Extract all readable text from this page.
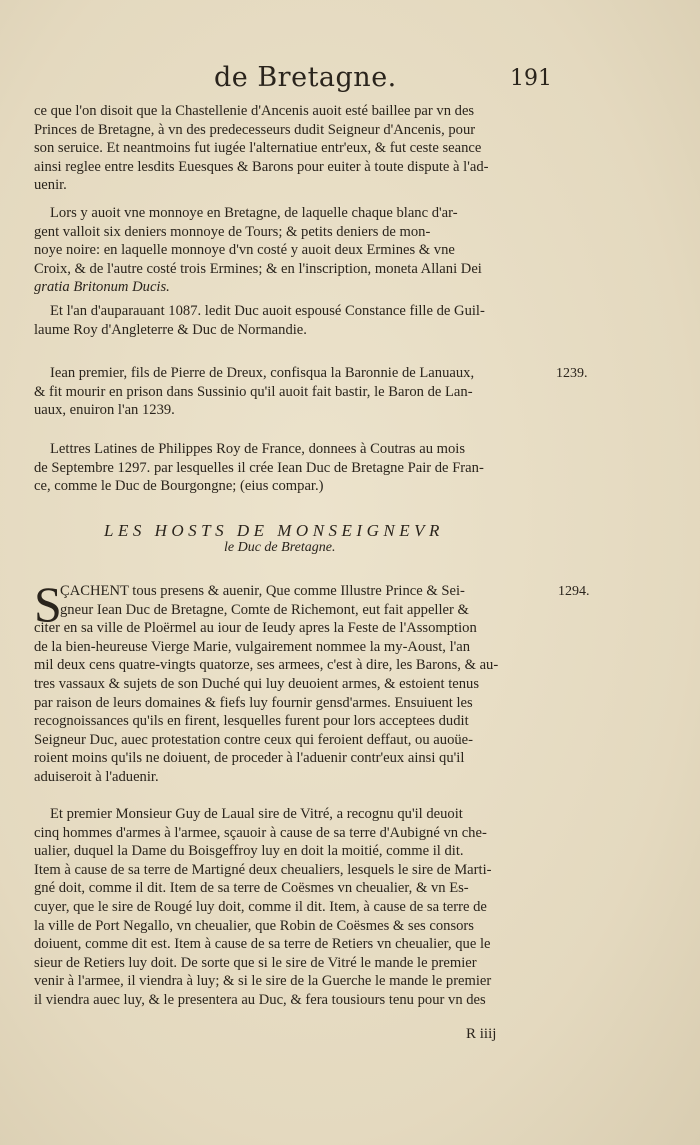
de Bretagne.	191
ce que l'on disoit que la Chastellenie d'Ancenis auoit esté baillee par vn des
Princes de Bretagne, à vn des predecesseurs dudit Seigneur d'Ancenis, pour
son seruice. Et neantmoins fut iugée l'alternatiue entr'eux, & fut ceste seance
ainsi reglee entre lesdits Euesques & Barons pour euiter à toute dispute à l'ad-
uenir.
Lors y auoit vne monnoye en Bretagne, de laquelle chaque blanc d'ar-
gent valloit six deniers monnoye de Tours; & petits deniers de mon-
noye noire: en laquelle monnoye d'vn costé y auoit deux Ermines & vne
Croix, & de l'autre costé trois Ermines; & en l'inscription, moneta Allani Dei
gratia Britonum Ducis.
Et l'an d'auparauant 1087. ledit Duc auoit espousé Constance fille de Guil-
laume Roy d'Angleterre & Duc de Normandie.
Iean premier, fils de Pierre de Dreux, confisqua la Baronnie de Lanuaux,
& fit mourir en prison dans Sussinio qu'il auoit fait bastir, le Baron de Lan-
uaux, enuiron l'an 1239.
1239.
Lettres Latines de Philippes Roy de France, donnees à Coutras au mois
de Septembre 1297. par lesquelles il crée Iean Duc de Bretagne Pair de Fran-
ce, comme le Duc de Bourgongne; (eius compar.)
LES HOSTS DE MONSEIGNEVR
le Duc de Bretagne.
S	1294.
ÇACHENT tous presens & auenir, Que comme Illustre Prince & Sei-
gneur Iean Duc de Bretagne, Comte de Richemont, eut fait appeller &
citer en sa ville de Ploërmel au iour de Ieudy apres la Feste de l'Assomption
de la bien-heureuse Vierge Marie, vulgairement nommee la my-Aoust, l'an
mil deux cens quatre-vingts quatorze, ses armees, c'est à dire, les Barons, & au-
tres vassaux & sujets de son Duché qui luy deuoient armes, & estoient tenus
par raison de leurs domaines & fiefs luy fournir gensd'armes. Ensuiuent les
recognoissances qu'ils en firent, lesquelles furent pour lors acceptees dudit
Seigneur Duc, auec protestation contre ceux qui feroient deffaut, ou auoüe-
roient moins qu'ils ne doiuent, de proceder à l'aduenir contr'eux ainsi qu'il
aduiseroit à l'aduenir.
Et premier Monsieur Guy de Laual sire de Vitré, a recognu qu'il deuoit
cinq hommes d'armes à l'armee, sçauoir à cause de sa terre d'Aubigné vn che-
ualier, duquel la Dame du Boisgeffroy luy en doit la moitié, comme il dit.
Item à cause de sa terre de Martigné deux cheualiers, lesquels le sire de Marti-
gné doit, comme il dit. Item de sa terre de Coësmes vn cheualier, & vn Es-
cuyer, que le sire de Rougé luy doit, comme il dit. Item, à cause de sa terre de
la ville de Port Negallo, vn cheualier, que Robin de Coësmes & ses consors
doiuent, comme dit est. Item à cause de sa terre de Retiers vn cheualier, que le
sieur de Retiers luy doit. De sorte que si le sire de Vitré le mande le premier
venir à l'armee, il viendra à luy; & si le sire de la Guerche le mande le premier
il viendra auec luy, & le presentera au Duc, & fera tousiours tenu pour vn des
R iiij
